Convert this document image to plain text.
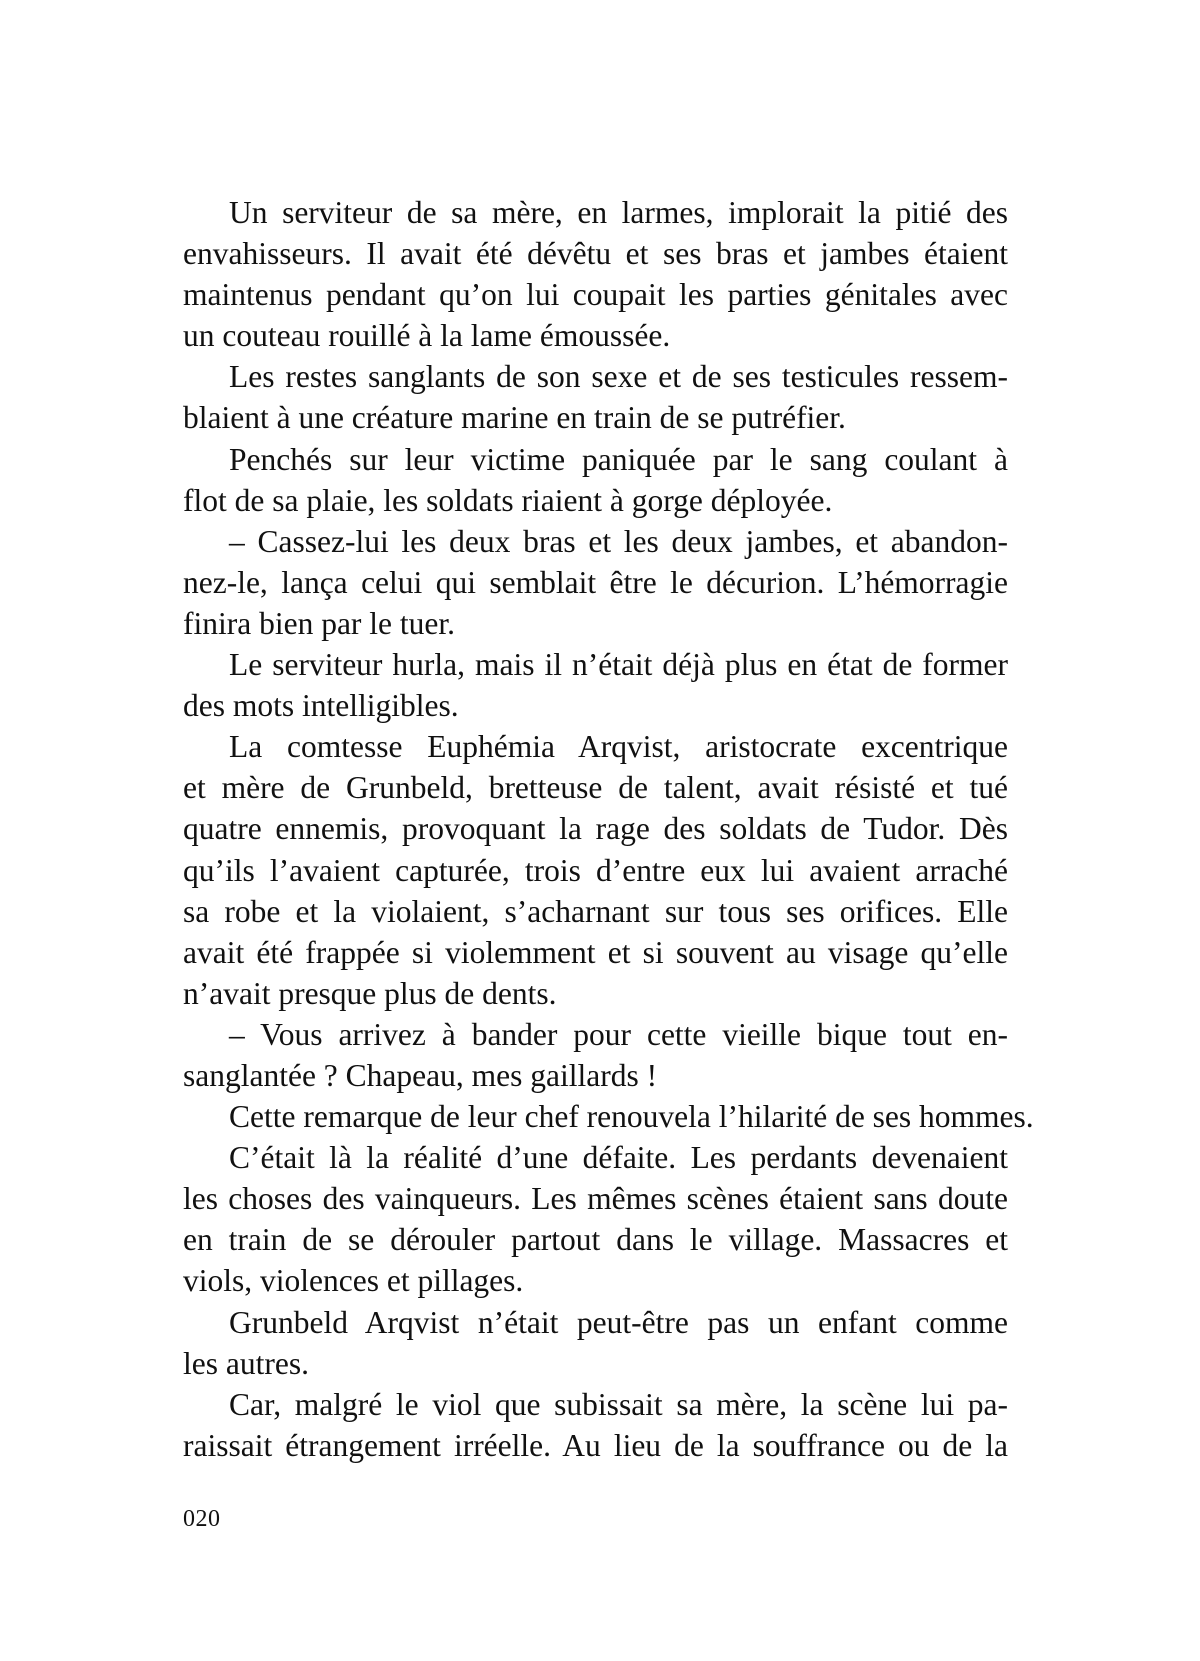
Un serviteur de sa mère, en larmes, implorait la pitié des
envahisseurs. Il avait été dévêtu et ses bras et jambes étaient
maintenus pendant qu’on lui coupait les parties génitales avec
un couteau rouillé à la lame émoussée.
Les restes sanglants de son sexe et de ses testicules ressem-
blaient à une créature marine en train de se putréfier.
Penchés sur leur victime paniquée par le sang coulant à
flot de sa plaie, les soldats riaient à gorge déployée.
– Cassez-lui les deux bras et les deux jambes, et abandon-
nez-le, lança celui qui semblait être le décurion. L’hémorragie
finira bien par le tuer.
Le serviteur hurla, mais il n’était déjà plus en état de former
des mots intelligibles.
La comtesse Euphémia Arqvist, aristocrate excentrique
et mère de Grunbeld, bretteuse de talent, avait résisté et tué
quatre ennemis, provoquant la rage des soldats de Tudor. Dès
qu’ils l’avaient capturée, trois d’entre eux lui avaient arraché
sa robe et la violaient, s’acharnant sur tous ses orifices. Elle
avait été frappée si violemment et si souvent au visage qu’elle
n’avait presque plus de dents.
– Vous arrivez à bander pour cette vieille bique tout en-
sanglantée ? Chapeau, mes gaillards !
Cette remarque de leur chef renouvela l’hilarité de ses hommes.
C’était là la réalité d’une défaite. Les perdants devenaient
les choses des vainqueurs. Les mêmes scènes étaient sans doute
en train de se dérouler partout dans le village. Massacres et
viols, violences et pillages.
Grunbeld Arqvist n’était peut-être pas un enfant comme
les autres.
Car, malgré le viol que subissait sa mère, la scène lui pa-
raissait étrangement irréelle. Au lieu de la souffrance ou de la
020
